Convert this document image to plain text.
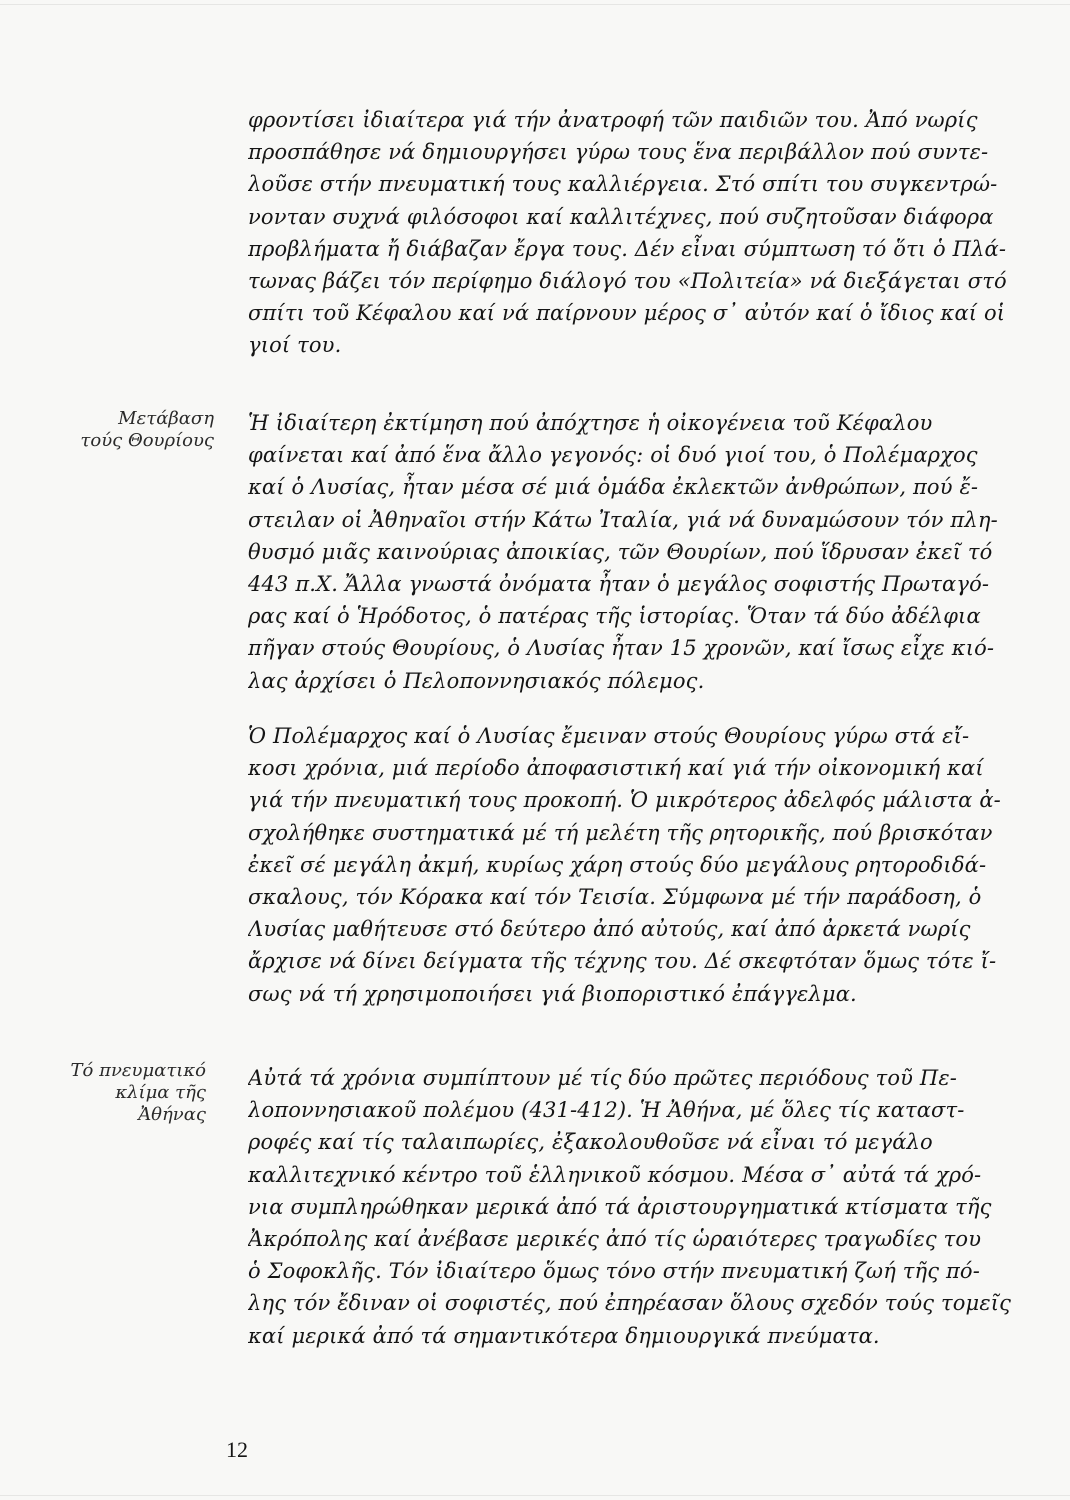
Μετάβαση
τούς Θουρίους
Τό πνευματικό
κλίμα τῆς
Ἀθήνας
φροντίσει ἰδιαίτερα γιά τήν ἀνατροφή τῶν παιδιῶν του. Ἀπό νωρίς
προσπάθησε νά δημιουργήσει γύρω τους ἕνα περιβάλλον πού συντε-
λοῦσε στήν πνευματική τους καλλιέργεια. Στό σπίτι του συγκεντρώ-
νονταν συχνά φιλόσοφοι καί καλλιτέχνες, πού συζητοῦσαν διάφορα
προβλήματα ἤ διάβαζαν ἔργα τους. Δέν εἶναι σύμπτωση τό ὅτι ὁ Πλά-
τωνας βάζει τόν περίφημο διάλογό του «Πολιτεία» νά διεξάγεται στό
σπίτι τοῦ Κέφαλου καί νά παίρνουν μέρος σ᾽ αὐτόν καί ὁ ἴδιος καί οἱ
γιοί του.
Ἡ ἰδιαίτερη ἐκτίμηση πού ἀπόχτησε ἡ οἰκογένεια τοῦ Κέφαλου
φαίνεται καί ἀπό ἕνα ἄλλο γεγονός: οἱ δυό γιοί του, ὁ Πολέμαρχος
καί ὁ Λυσίας, ἦταν μέσα σέ μιά ὁμάδα ἐκλεκτῶν ἀνθρώπων, πού ἔ-
στειλαν οἱ Ἀθηναῖοι στήν Κάτω Ἰταλία, γιά νά δυναμώσουν τόν πλη-
θυσμό μιᾶς καινούριας ἀποικίας, τῶν Θουρίων, πού ἵδρυσαν ἐκεῖ τό
443 π.Χ. Ἄλλα γνωστά ὀνόματα ἦταν ὁ μεγάλος σοφιστής Πρωταγό-
ρας καί ὁ Ἡρόδοτος, ὁ πατέρας τῆς ἱστορίας. Ὅταν τά δύο ἀδέλφια
πῆγαν στούς Θουρίους, ὁ Λυσίας ἦταν 15 χρονῶν, καί ἴσως εἶχε κιό-
λας ἀρχίσει ὁ Πελοποννησιακός πόλεμος.
Ὁ Πολέμαρχος καί ὁ Λυσίας ἔμειναν στούς Θουρίους γύρω στά εἴ-
κοσι χρόνια, μιά περίοδο ἀποφασιστική καί γιά τήν οἰκονομική καί
γιά τήν πνευματική τους προκοπή. Ὁ μικρότερος ἀδελφός μάλιστα ἀ-
σχολήθηκε συστηματικά μέ τή μελέτη τῆς ρητορικῆς, πού βρισκόταν
ἐκεῖ σέ μεγάλη ἀκμή, κυρίως χάρη στούς δύο μεγάλους ρητοροδιδά-
σκαλους, τόν Κόρακα καί τόν Τεισία. Σύμφωνα μέ τήν παράδοση, ὁ
Λυσίας μαθήτευσε στό δεύτερο ἀπό αὐτούς, καί ἀπό ἀρκετά νωρίς
ἄρχισε νά δίνει δείγματα τῆς τέχνης του. Δέ σκεφτόταν ὅμως τότε ἴ-
σως νά τή χρησιμοποιήσει γιά βιοποριστικό ἐπάγγελμα.
Αὐτά τά χρόνια συμπίπτουν μέ τίς δύο πρῶτες περιόδους τοῦ Πε-
λοποννησιακοῦ πολέμου (431-412). Ἡ Ἀθήνα, μέ ὅλες τίς καταστ-
ροφές καί τίς ταλαιπωρίες, ἐξακολουθοῦσε νά εἶναι τό μεγάλο
καλλιτεχνικό κέντρο τοῦ ἑλληνικοῦ κόσμου. Μέσα σ᾽ αὐτά τά χρό-
νια συμπληρώθηκαν μερικά ἀπό τά ἀριστουργηματικά κτίσματα τῆς
Ἀκρόπολης καί ἀνέβασε μερικές ἀπό τίς ὡραιότερες τραγωδίες του
ὁ Σοφοκλῆς. Τόν ἰδιαίτερο ὅμως τόνο στήν πνευματική ζωή τῆς πό-
λης τόν ἔδιναν οἱ σοφιστές, πού ἐπηρέασαν ὅλους σχεδόν τούς τομεῖς
καί μερικά ἀπό τά σημαντικότερα δημιουργικά πνεύματα.
12
